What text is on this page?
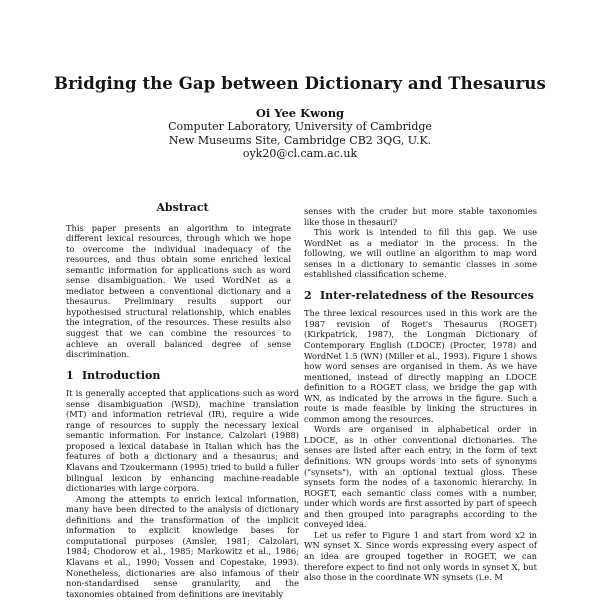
Bridging the Gap between Dictionary and Thesaurus
Oi Yee Kwong
Computer Laboratory, University of Cambridge
New Museums Site, Cambridge CB2 3QG, U.K.
oyk20@cl.cam.ac.uk
Abstract

This paper presents an algorithm to integrate different lexical resources, through which we hope to overcome the individual inadequacy of the resources, and thus obtain some enriched lexical semantic information for applications such as word sense disambiguation. We used WordNet as a mediator between a conventional dictionary and a thesaurus. Preliminary results support our hypothesised structural relationship, which enables the integration, of the resources. These results also suggest that we can combine the resources to achieve an overall balanced degree of sense discrimination.

1 Introduction

It is generally accepted that applications such as word sense disambiguation (WSD), machine translation (MT) and information retrieval (IR), require a wide range of resources to supply the necessary lexical semantic information. For instance, Calzolari (1988) proposed a lexical database in Italian which has the features of both a dictionary and a thesaurus; and Klavans and Tzoukermann (1995) tried to build a fuller bilingual lexicon by enhancing machine-readable dictionaries with large corpora.

Among the attempts to enrich lexical information, many have been directed to the analysis of dictionary definitions and the transformation of the implicit information to explicit knowledge bases for computational purposes (Amsler, 1981; Calzolari, 1984; Chodorow et al., 1985; Markowitz et al., 1986; Klavans et al., 1990; Vossen and Copestake, 1993). Nonetheless, dictionaries are also infamous of their non-standardised sense granularity, and the taxonomies obtained from definitions are inevitably

senses with the cruder but more stable taxonomies like those in thesauri?

This work is intended to fill this gap. We use WordNet as a mediator in the process. In the following, we will outline an algorithm to map word senses in a dictionary to semantic classes in some established classification scheme.

2 Inter-relatedness of the Resources

The three lexical resources used in this work are the 1987 revision of Roget's Thesaurus (ROGET) (Kirkpatrick, 1987), the Longman Dictionary of Contemporary English (LDOCE) (Procter, 1978) and WordNet 1.5 (WN) (Miller et al., 1993). Figure 1 shows how word senses are organised in them. As we have mentioned, instead of directly mapping an LDOCE definition to a ROGET class, we bridge the gap with WN, as indicated by the arrows in the figure. Such a route is made feasible by linking the structures in common among the resources.

Words are organised in alphabetical order in LDOCE, as in other conventional dictionaries. The senses are listed after each entry, in the form of text definitions. WN groups words into sets of synonyms ("synsets"), with an optional textual gloss. These synsets form the nodes of a taxonomic hierarchy. In ROGET, each semantic class comes with a number, under which words are first assorted by part of speech and then grouped into paragraphs according to the conveyed idea.

Let us refer to Figure 1 and start from word x2 in WN synset X. Since words expressing every aspect of an idea are grouped together in ROGET, we can therefore expect to find not only words in synset X, but also those in the coordinate WN synsets (i.e. M
